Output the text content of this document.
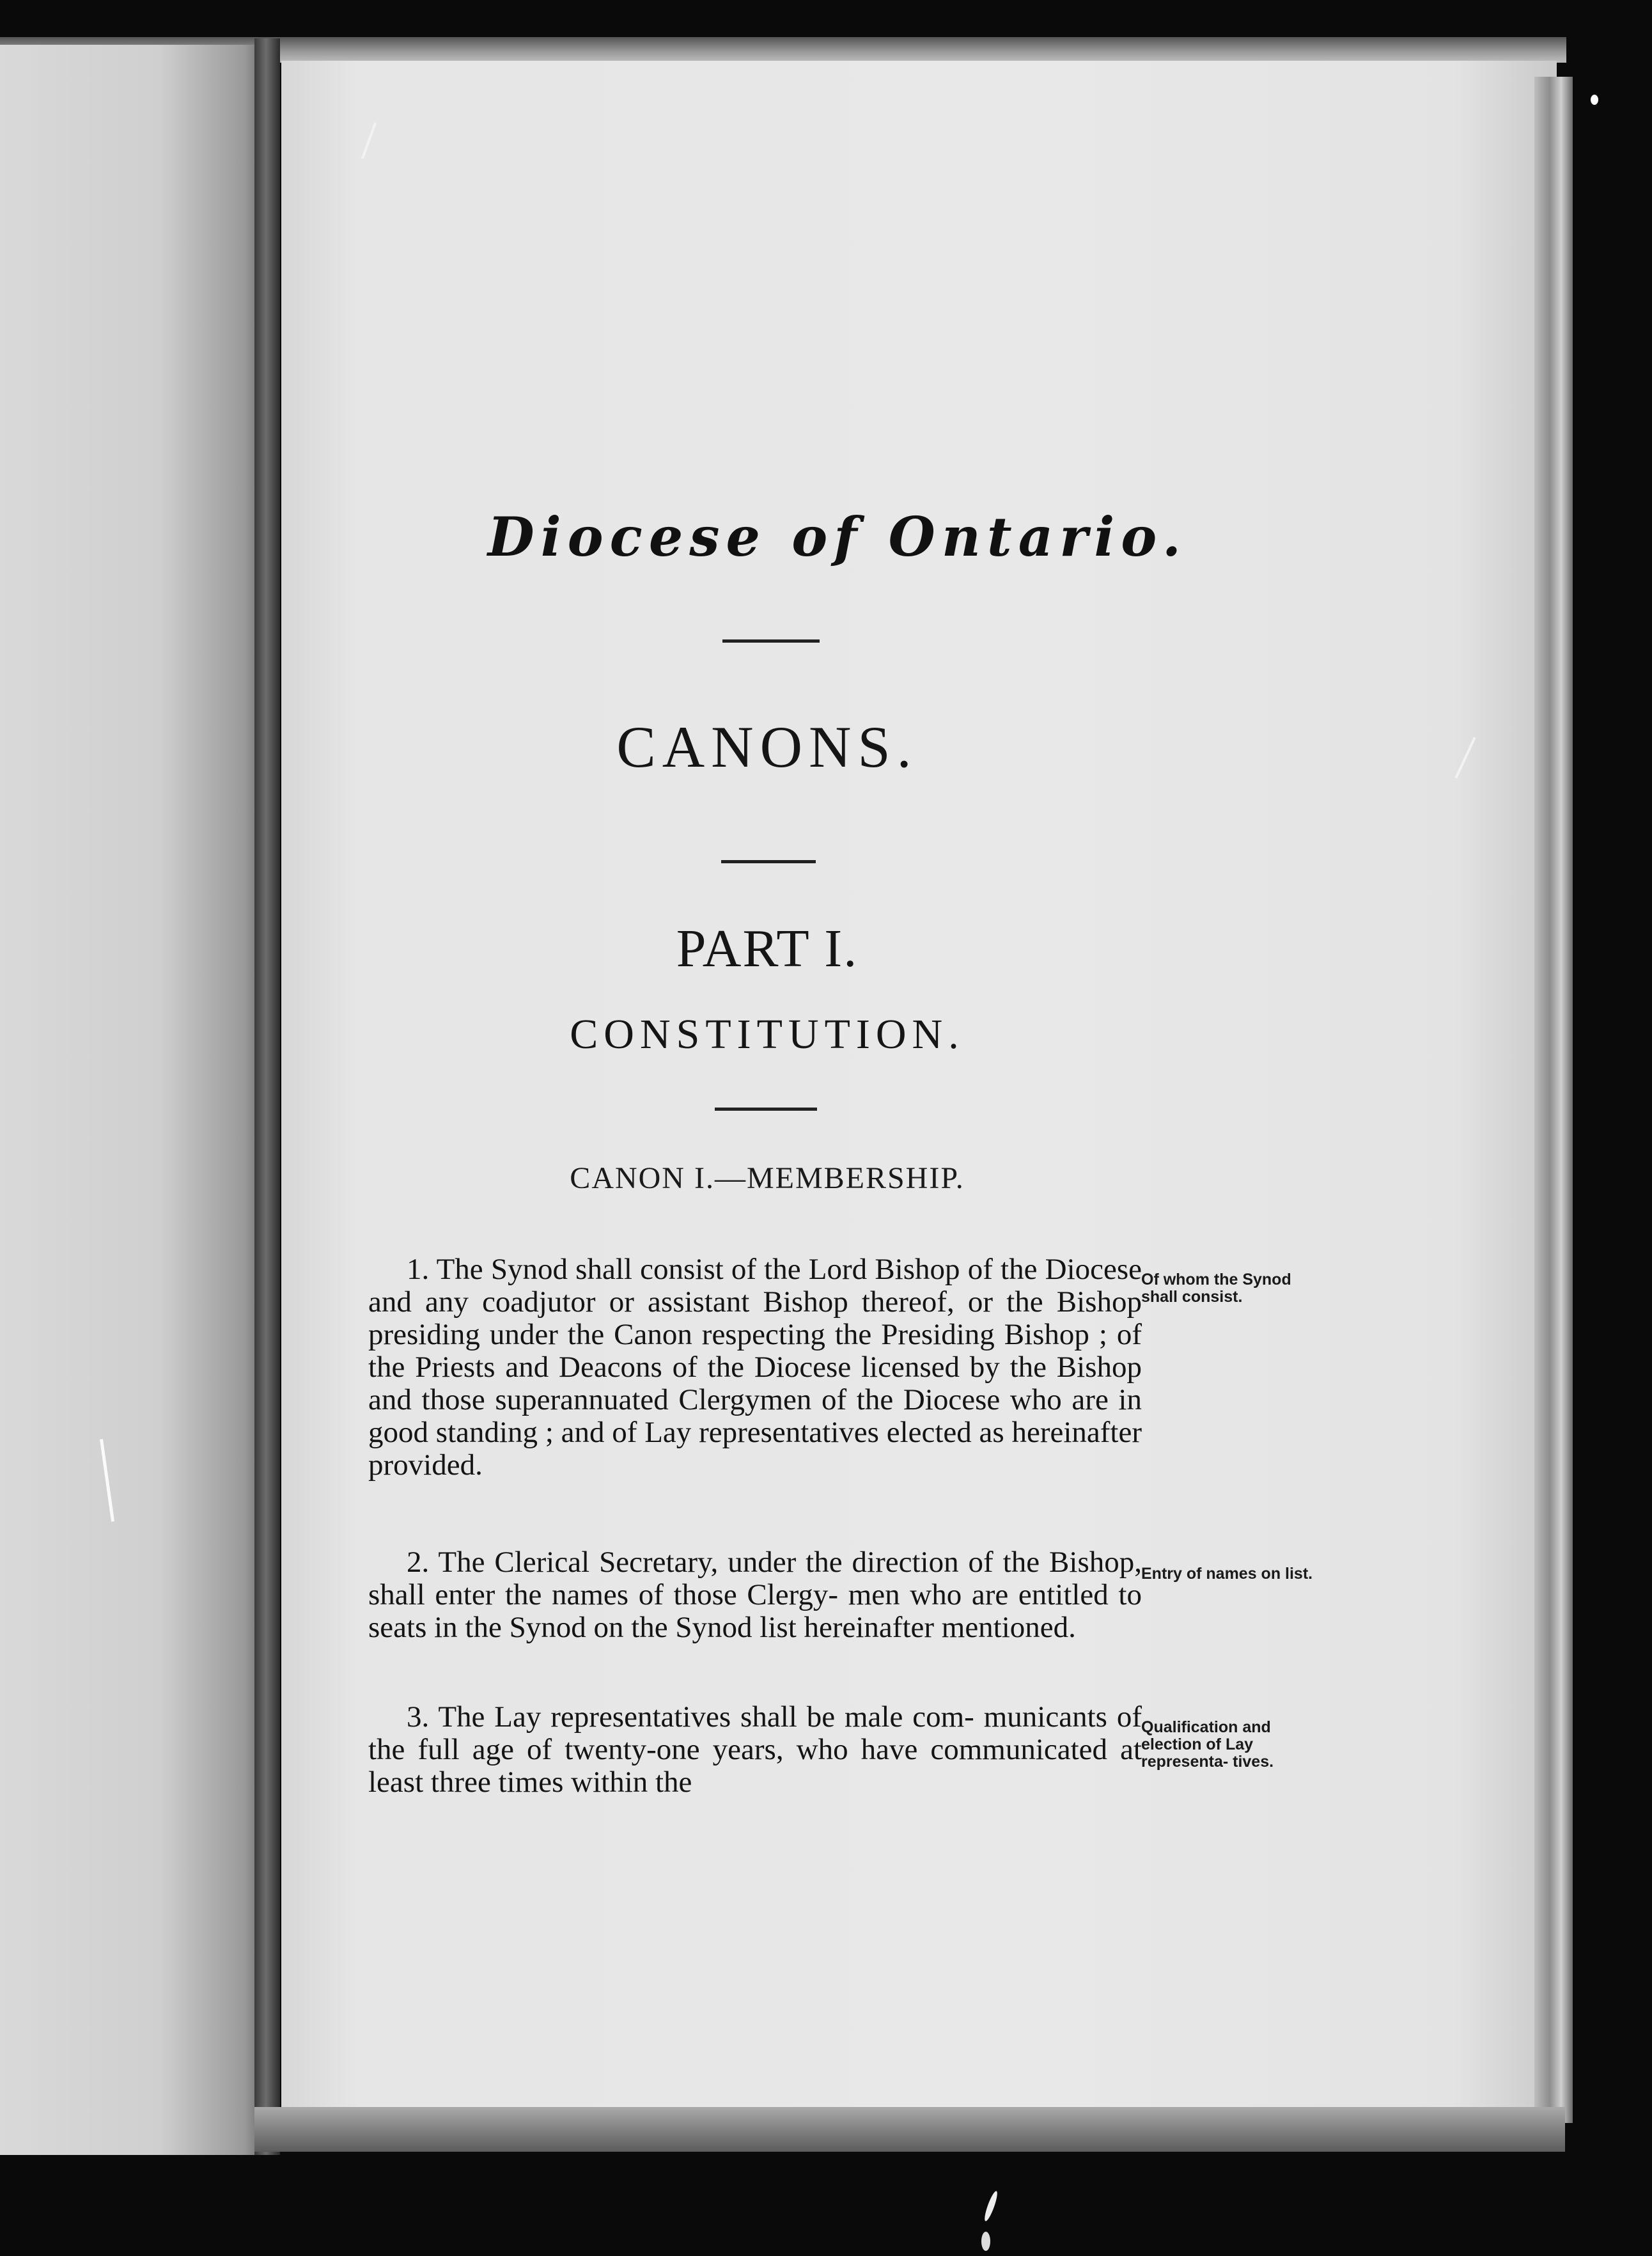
Diocese of Ontario.
CANONS.
PART I.
CONSTITUTION.
CANON I.—MEMBERSHIP.
1. The Synod shall consist of the Lord Bishop of the Diocese and any coadjutor or assistant Bishop thereof, or the Bishop presiding under the Canon respecting the Presiding Bishop ; of the Priests and Deacons of the Diocese licensed by the Bishop and those superannuated Clergymen of the Diocese who are in good standing ; and of Lay representatives elected as hereinafter provided.
Of whom the Synod shall consist.
2. The Clerical Secretary, under the direction of the Bishop, shall enter the names of those Clergy- men who are entitled to seats in the Synod on the Synod list hereinafter mentioned.
Entry of names on list.
3. The Lay representatives shall be male com- municants of the full age of twenty-one years, who have communicated at least three times within the
Qualification and election of Lay representa- tives.
